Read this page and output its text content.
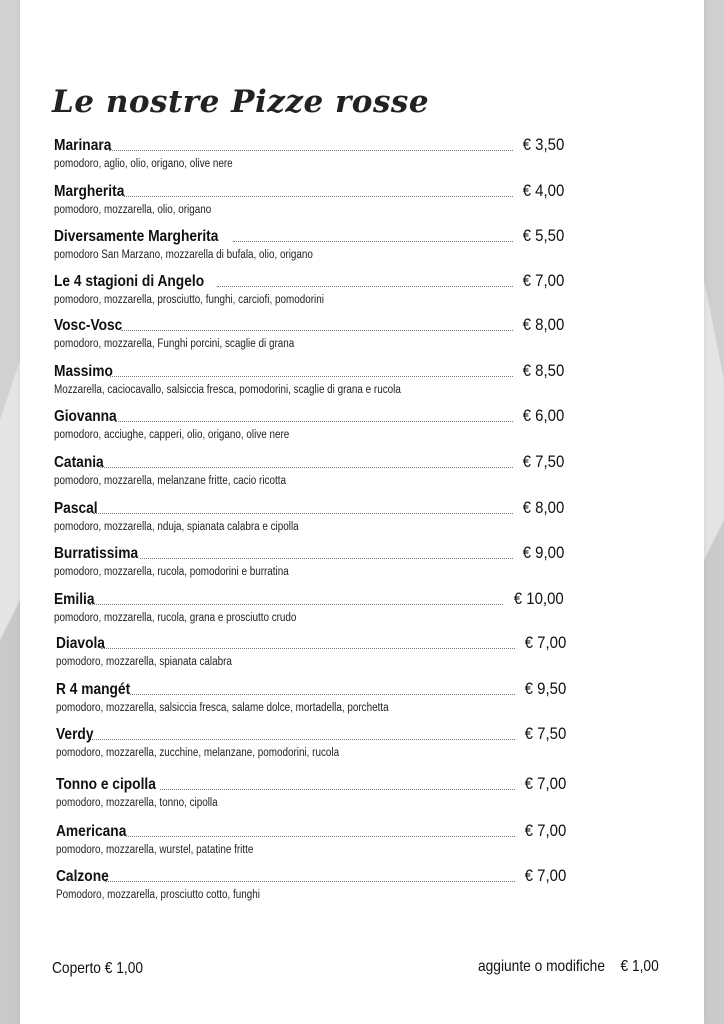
Le nostre Pizze rosse
Marinara	€ 3,50
pomodoro, aglio, olio, origano, olive nere
Margherita	€ 4,00
pomodoro, mozzarella, olio, origano
Diversamente Margherita	€ 5,50
pomodoro San Marzano, mozzarella di bufala, olio, origano
Le 4 stagioni di Angelo	€ 7,00
pomodoro, mozzarella, prosciutto, funghi, carciofi, pomodorini
Vosc-Vosc	€ 8,00
pomodoro, mozzarella, Funghi porcini, scaglie di grana
Massimo	€ 8,50
Mozzarella, caciocavallo, salsiccia fresca, pomodorini, scaglie di grana e rucola
Giovanna	€ 6,00
pomodoro, acciughe, capperi, olio, origano, olive nere
Catania	€ 7,50
pomodoro, mozzarella, melanzane fritte, cacio ricotta
Pascal	€ 8,00
pomodoro, mozzarella, nduja, spianata calabra e cipolla
Burratissima	€ 9,00
pomodoro, mozzarella, rucola, pomodorini e burratina
Emilia	€ 10,00
pomodoro, mozzarella, rucola, grana e prosciutto crudo
Diavola	€ 7,00
pomodoro, mozzarella, spianata calabra
R 4 mangét	€ 9,50
pomodoro, mozzarella, salsiccia fresca, salame dolce, mortadella, porchetta
Verdy	€ 7,50
pomodoro, mozzarella, zucchine, melanzane, pomodorini, rucola
Tonno e cipolla	€ 7,00
pomodoro, mozzarella, tonno, cipolla
Americana	€ 7,00
pomodoro, mozzarella, wurstel, patatine fritte
Calzone	€ 7,00
Pomodoro, mozzarella, prosciutto cotto, funghi
Coperto € 1,00	aggiunte o modifiche € 1,00
